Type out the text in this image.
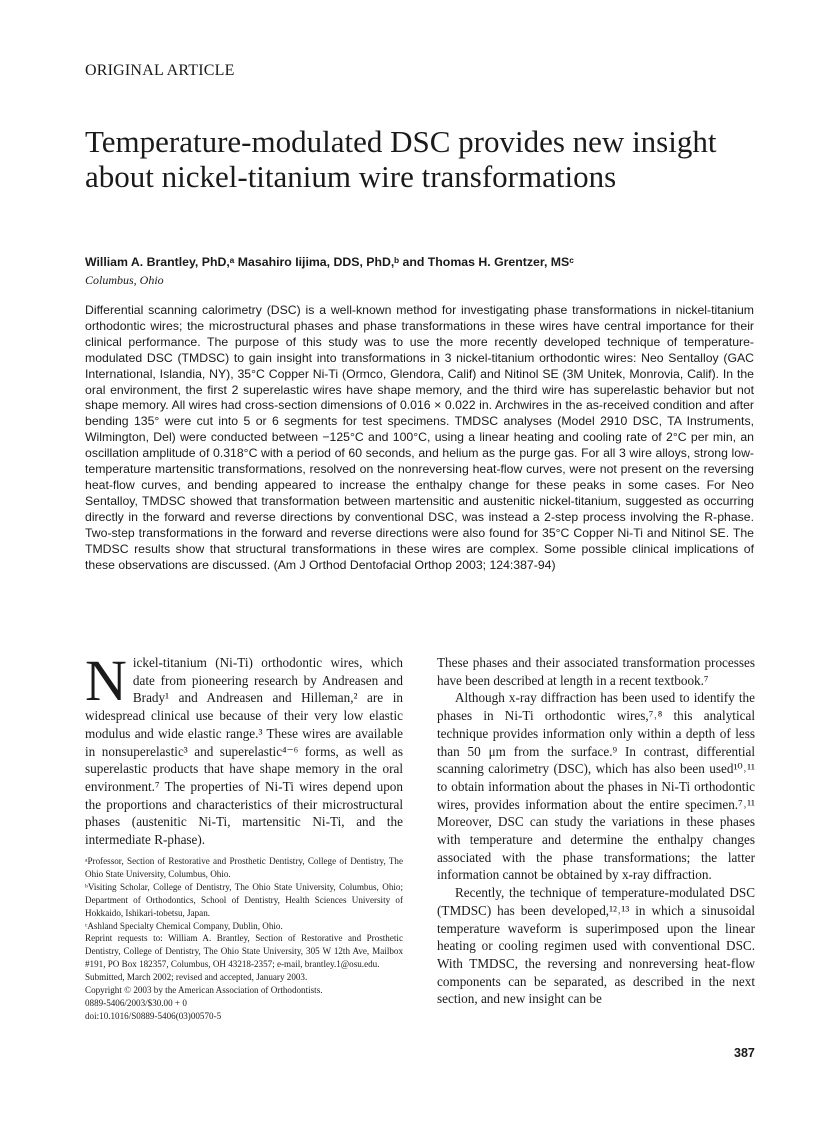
ORIGINAL ARTICLE
Temperature-modulated DSC provides new insight about nickel-titanium wire transformations
William A. Brantley, PhD,ᵃ Masahiro Iijima, DDS, PhD,ᵇ and Thomas H. Grentzer, MSᶜ
Columbus, Ohio

Differential scanning calorimetry (DSC) is a well-known method for investigating phase transformations in nickel-titanium orthodontic wires; the microstructural phases and phase transformations in these wires have central importance for their clinical performance. The purpose of this study was to use the more recently developed technique of temperature-modulated DSC (TMDSC) to gain insight into transformations in 3 nickel-titanium orthodontic wires: Neo Sentalloy (GAC International, Islandia, NY), 35°C Copper Ni-Ti (Ormco, Glendora, Calif) and Nitinol SE (3M Unitek, Monrovia, Calif). In the oral environment, the first 2 superelastic wires have shape memory, and the third wire has superelastic behavior but not shape memory. All wires had cross-section dimensions of 0.016 × 0.022 in. Archwires in the as-received condition and after bending 135° were cut into 5 or 6 segments for test specimens. TMDSC analyses (Model 2910 DSC, TA Instruments, Wilmington, Del) were conducted between −125°C and 100°C, using a linear heating and cooling rate of 2°C per min, an oscillation amplitude of 0.318°C with a period of 60 seconds, and helium as the purge gas. For all 3 wire alloys, strong low-temperature martensitic transformations, resolved on the nonreversing heat-flow curves, were not present on the reversing heat-flow curves, and bending appeared to increase the enthalpy change for these peaks in some cases. For Neo Sentalloy, TMDSC showed that transformation between martensitic and austenitic nickel-titanium, suggested as occurring directly in the forward and reverse directions by conventional DSC, was instead a 2-step process involving the R-phase. Two-step transformations in the forward and reverse directions were also found for 35°C Copper Ni-Ti and Nitinol SE. The TMDSC results show that structural transformations in these wires are complex. Some possible clinical implications of these observations are discussed. (Am J Orthod Dentofacial Orthop 2003; 124:387-94)

N ickel-titanium (Ni-Ti) orthodontic wires, which date from pioneering research by Andreasen and Brady¹ and Andreasen and Hilleman,² are in widespread clinical use because of their very low elastic modulus and wide elastic range.³ These wires are available in nonsuperelastic³ and superelastic⁴⁻⁶ forms, as well as superelastic products that have shape memory in the oral environment.⁷ The properties of Ni-Ti wires depend upon the proportions and characteristics of their microstructural phases (austenitic Ni-Ti, martensitic Ni-Ti, and the intermediate R-phase).

ᵃProfessor, Section of Restorative and Prosthetic Dentistry, College of Dentistry, The Ohio State University, Columbus, Ohio.
ᵇVisiting Scholar, College of Dentistry, The Ohio State University, Columbus, Ohio; Department of Orthodontics, School of Dentistry, Health Sciences University of Hokkaido, Ishikari-tobetsu, Japan.
ᶜAshland Specialty Chemical Company, Dublin, Ohio.
Reprint requests to: William A. Brantley, Section of Restorative and Prosthetic Dentistry, College of Dentistry, The Ohio State University, 305 W 12th Ave, Mailbox #191, PO Box 182357, Columbus, OH 43218-2357; e-mail, brantley.1@osu.edu.
Submitted, March 2002; revised and accepted, January 2003.
Copyright © 2003 by the American Association of Orthodontists.
0889-5406/2003/$30.00 + 0
doi:10.1016/S0889-5406(03)00570-5

These phases and their associated transformation processes have been described at length in a recent textbook.⁷

Although x-ray diffraction has been used to identify the phases in Ni-Ti orthodontic wires,⁷˒⁸ this analytical technique provides information only within a depth of less than 50 μm from the surface.⁹ In contrast, differential scanning calorimetry (DSC), which has also been used¹⁰˒¹¹ to obtain information about the phases in Ni-Ti orthodontic wires, provides information about the entire specimen.⁷˒¹¹ Moreover, DSC can study the variations in these phases with temperature and determine the enthalpy changes associated with the phase transformations; the latter information cannot be obtained by x-ray diffraction.

Recently, the technique of temperature-modulated DSC (TMDSC) has been developed,¹²˒¹³ in which a sinusoidal temperature waveform is superimposed upon the linear heating or cooling regimen used with conventional DSC. With TMDSC, the reversing and nonreversing heat-flow components can be separated, as described in the next section, and new insight can be

387
